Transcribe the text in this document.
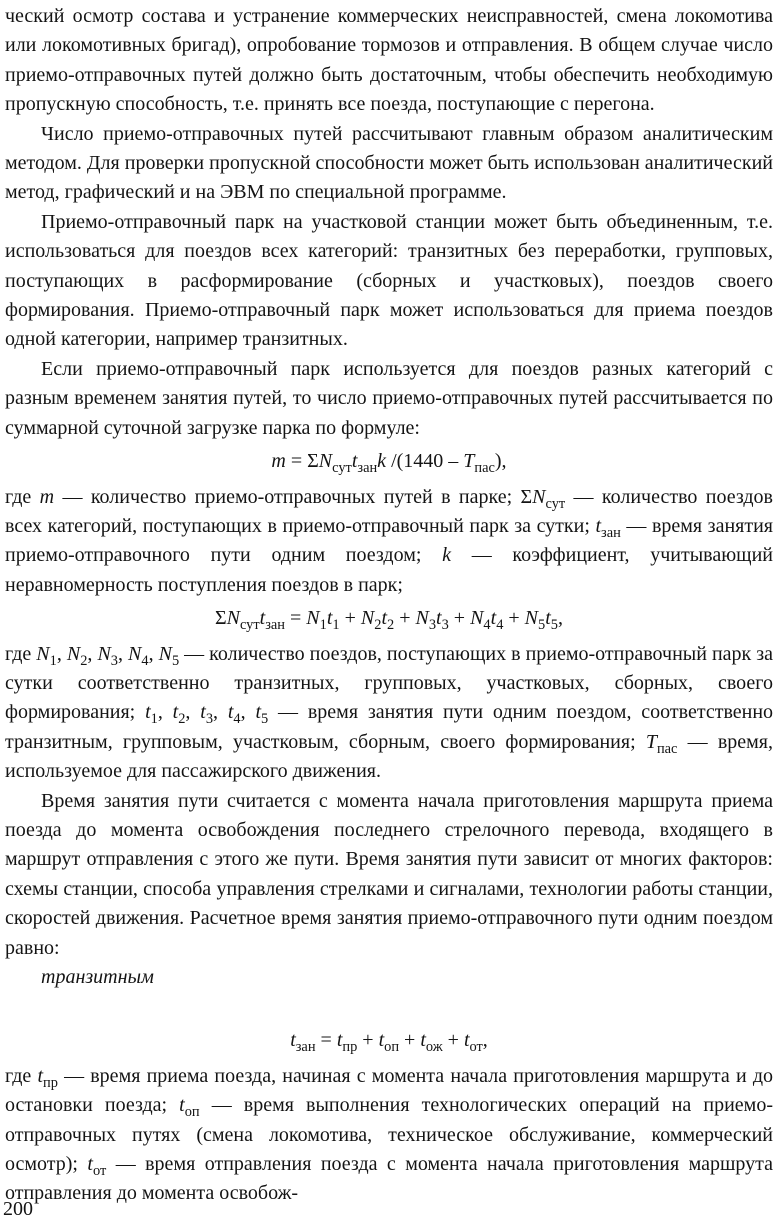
ческий осмотр состава и устранение коммерческих неисправностей, смена локомотива или локомотивных бригад), опробование тормозов и отправления. В общем случае число приемо-отправочных путей должно быть достаточным, чтобы обеспечить необходимую пропускную способность, т.е. принять все поезда, поступающие с перегона.

Число приемо-отправочных путей рассчитывают главным образом аналитическим методом. Для проверки пропускной способности может быть использован аналитический метод, графический и на ЭВМ по специальной программе.

Приемо-отправочный парк на участковой станции может быть объединенным, т.е. использоваться для поездов всех категорий: транзитных без переработки, групповых, поступающих в расформирование (сборных и участковых), поездов своего формирования. Приемо-отправочный парк может использоваться для приема поездов одной категории, например транзитных.

Если приемо-отправочный парк используется для поездов разных категорий с разным временем занятия путей, то число приемо-отправочных путей рассчитывается по суммарной суточной загрузке парка по формуле:

$m = \Sigma N_{сут}t_{зан}k$ $/(1440 - T_{пас})$,

где m — количество приемо-отправочных путей в парке; $\Sigma N_{сут}$ — количество поездов всех категорий, поступающих в приемо-отправочный парк за сутки; $t_{зан}$ — время занятия приемо-отправочного пути одним поездом; k — коэффициент, учитывающий неравномерность поступления поездов в парк;

$\Sigma N_{сут}t_{зан} = N_1t_1 + N_2t_2 + N_3t_3 + N_4t_4 + N_5t_5$,

где $N_1$, $N_2$, $N_3$, $N_4$, $N_5$ — количество поездов, поступающих в приемо-отправочный парк за сутки соответственно транзитных, групповых, участковых, сборных, своего формирования; $t_1$, $t_2$, $t_3$, $t_4$, $t_5$ — время занятия пути одним поездом, соответственно транзитным, групповым, участковым, сборным, своего формирования; $T_{пас}$ — время, используемое для пассажирского движения.

Время занятия пути считается с момента начала приготовления маршрута приема поезда до момента освобождения последнего стрелочного перевода, входящего в маршрут отправления с этого же пути. Время занятия пути зависит от многих факторов: схемы станции, способа управления стрелками и сигналами, технологии работы станции, скоростей движения. Расчетное время занятия приемо-отправочного пути одним поездом равно:

транзитным

$t_{зан} = t_{пр} + t_{оп} + t_{ож} + t_{от}$,

где $t_{пр}$ — время приема поезда, начиная с момента начала приготовления маршрута и до остановки поезда; $t_{оп}$ — время выполнения технологических операций на приемо-отправочных путях (смена локомотива, техническое обслуживание, коммерческий осмотр); $t_{от}$ — время отправления поезда с момента начала приготовления маршрута отправления до момента освобож-

200
